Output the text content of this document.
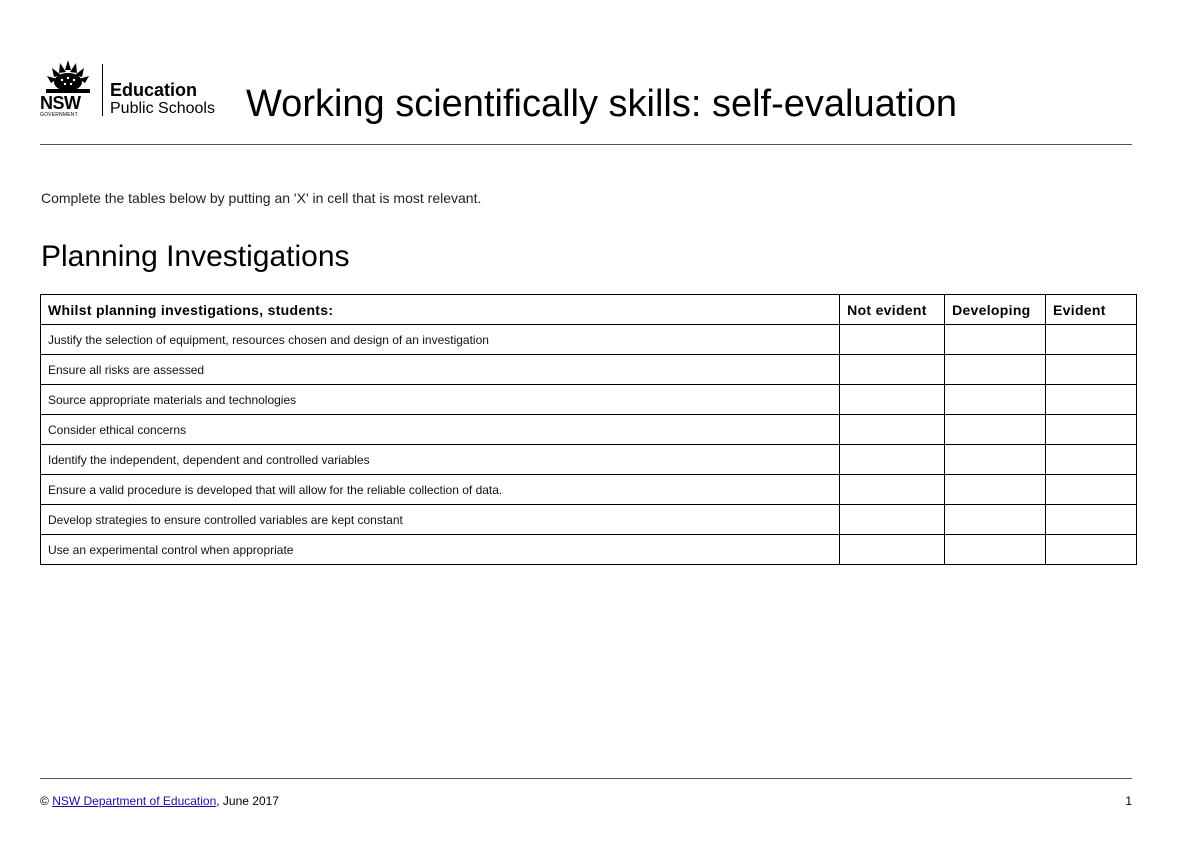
NSW
GOVERNMENT
Education
Public Schools Working scientifically skills: self-evaluation
Complete the tables below by putting an 'X' in cell that is most relevant.
Planning Investigations
Whilst planning investigations, students:	Not evident	Developing	Evident
Justify the selection of equipment, resources chosen and design of an investigation			
Ensure all risks are assessed			
Source appropriate materials and technologies			
Consider ethical concerns			
Identify the independent, dependent and controlled variables			
Ensure a valid procedure is developed that will allow for the reliable collection of data.			
Develop strategies to ensure controlled variables are kept constant			
Use an experimental control when appropriate			
© NSW Department of Education, June 2017	1
